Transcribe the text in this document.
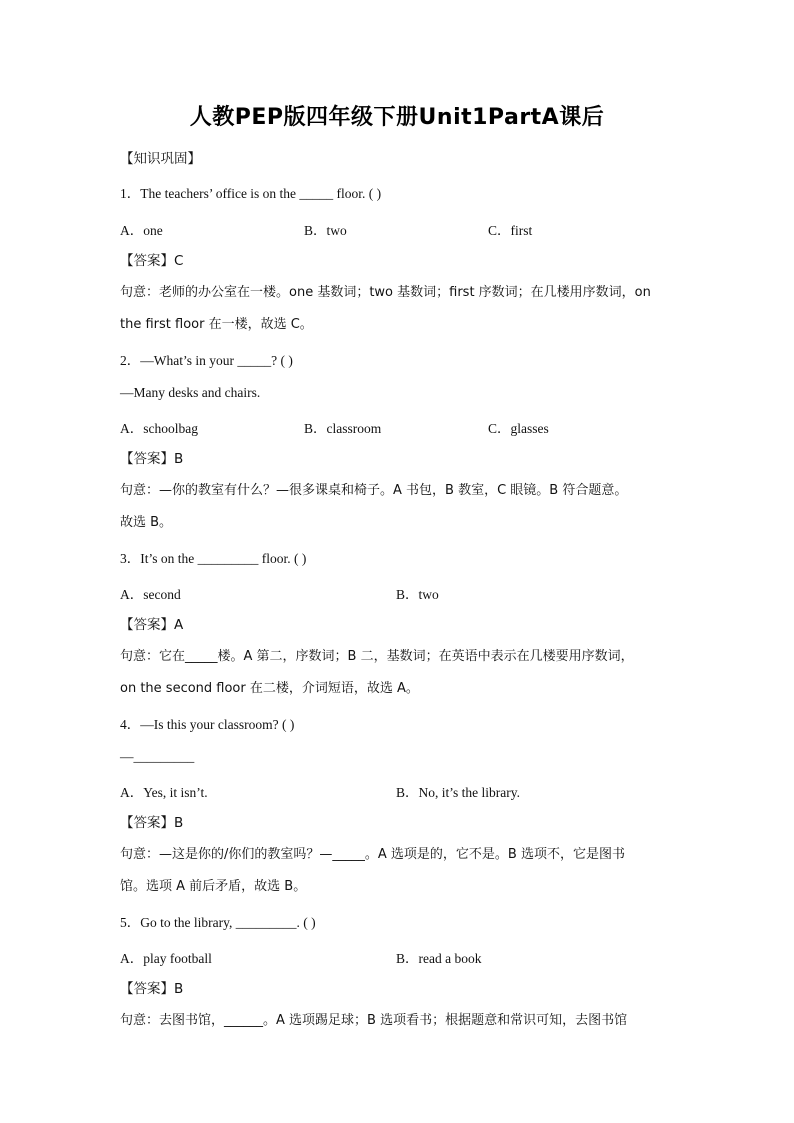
人教PEP版四年级下册Unit1PartA课后
【知识巩固】
1．The teachers’ office is on the _____ floor. ( )
A．one	B．two	C．first
【答案】C
句意：老师的办公室在一楼。one 基数词；two 基数词；first 序数词；在几楼用序数词，on
the first floor 在一楼，故选 C。
2．—What’s in your _____? ( )
—Many desks and chairs.
A．schoolbag	B．classroom	C．glasses
【答案】B
句意：—你的教室有什么？—很多课桌和椅子。A 书包，B 教室，C 眼镜。B 符合题意。
故选 B。
3．It’s on the _________ floor. ( )
A．second	B．two
【答案】A
句意：它在_____楼。A 第二，序数词；B 二，基数词；在英语中表示在几楼要用序数词，
on the second floor 在二楼，介词短语，故选 A。
4．—Is this your classroom? ( )
—_________
A．Yes, it isn’t.	B．No, it’s the library.
【答案】B
句意：—这是你的/你们的教室吗？—_____。A 选项是的，它不是。B 选项不，它是图书
馆。选项 A 前后矛盾，故选 B。
5．Go to the library, _________. ( )
A．play football	B．read a book
【答案】B
句意：去图书馆，______。A 选项踢足球；B 选项看书；根据题意和常识可知，去图书馆
